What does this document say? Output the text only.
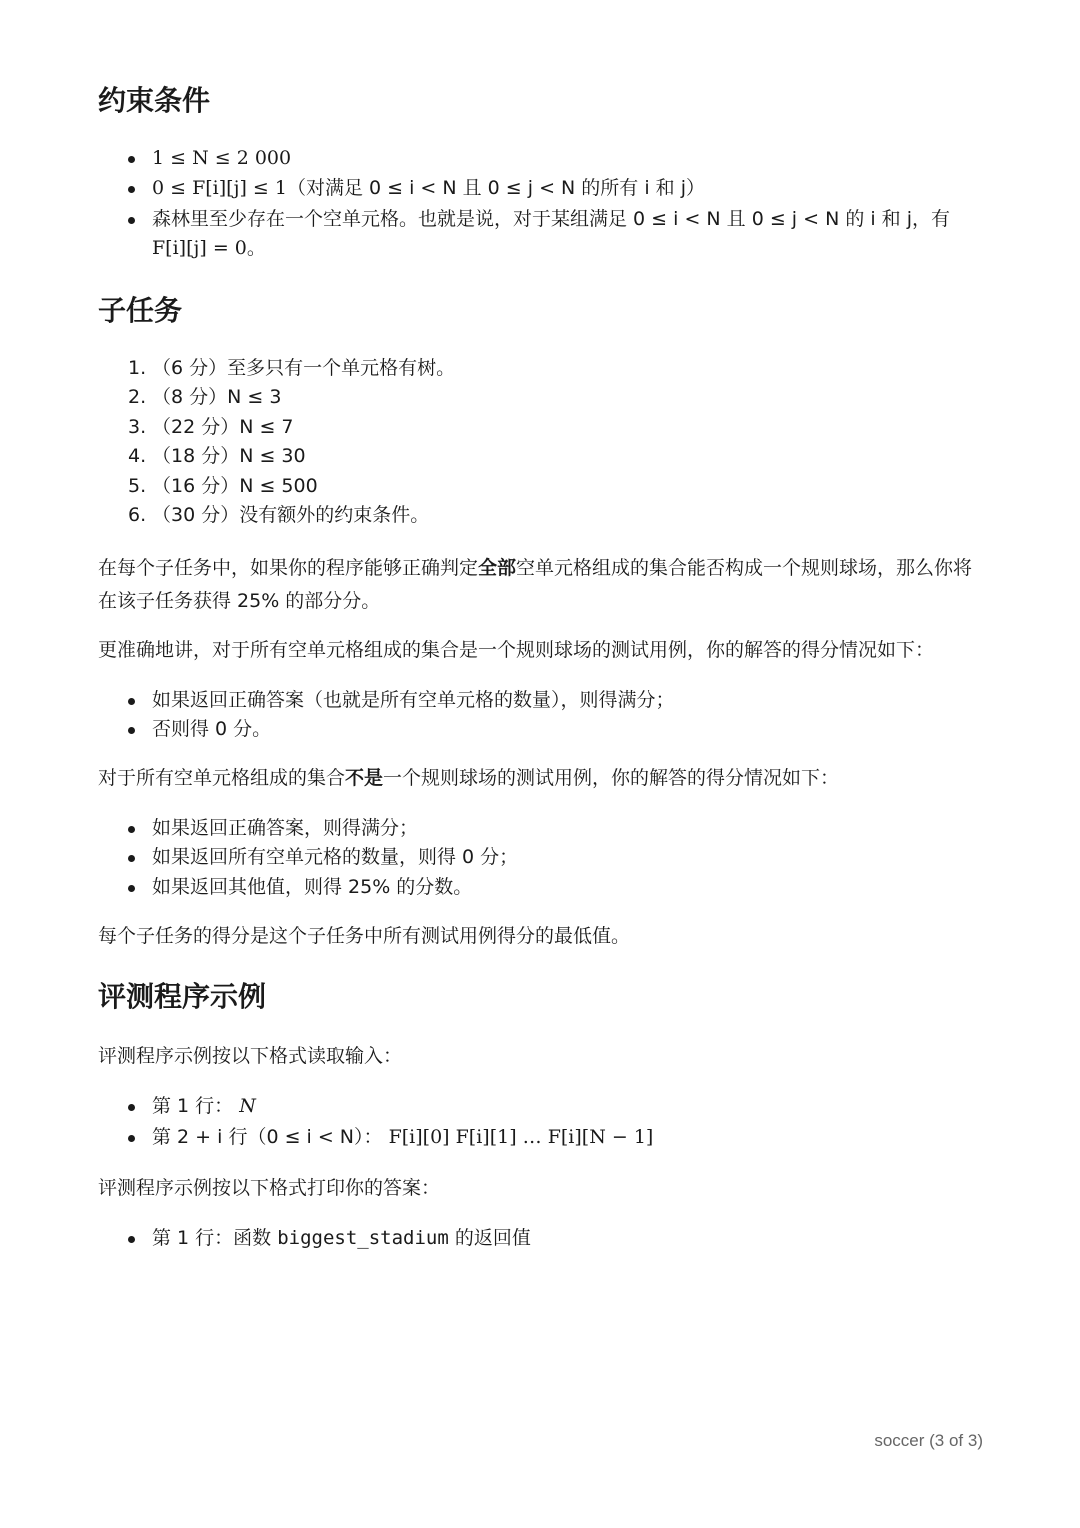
约束条件
1 ≤ N ≤ 2 000
0 ≤ F[i][j] ≤ 1（对满足 0 ≤ i < N 且 0 ≤ j < N 的所有 i 和 j）
森林里至少存在一个空单元格。也就是说，对于某组满足 0 ≤ i < N 且 0 ≤ j < N 的 i 和 j，有
F[i][j] = 0。
子任务
1. （6 分）至多只有一个单元格有树。
2. （8 分）N ≤ 3
3. （22 分）N ≤ 7
4. （18 分）N ≤ 30
5. （16 分）N ≤ 500
6. （30 分）没有额外的约束条件。

在每个子任务中，如果你的程序能够正确判定全部空单元格组成的集合能否构成一个规则球场，那么你将
在该子任务获得 25% 的部分分。

更准确地讲，对于所有空单元格组成的集合是一个规则球场的测试用例，你的解答的得分情况如下：

如果返回正确答案（也就是所有空单元格的数量），则得满分；
否则得 0 分。

对于所有空单元格组成的集合不是一个规则球场的测试用例，你的解答的得分情况如下：

如果返回正确答案，则得满分；
如果返回所有空单元格的数量，则得 0 分；
如果返回其他值，则得 25% 的分数。

每个子任务的得分是这个子任务中所有测试用例得分的最低值。

评测程序示例

评测程序示例按以下格式读取输入：

第 1 行： N
第 2 + i 行（0 ≤ i < N）： F[i][0] F[i][1] … F[i][N − 1]

评测程序示例按以下格式打印你的答案：

第 1 行：函数 biggest_stadium 的返回值
soccer (3 of 3)
